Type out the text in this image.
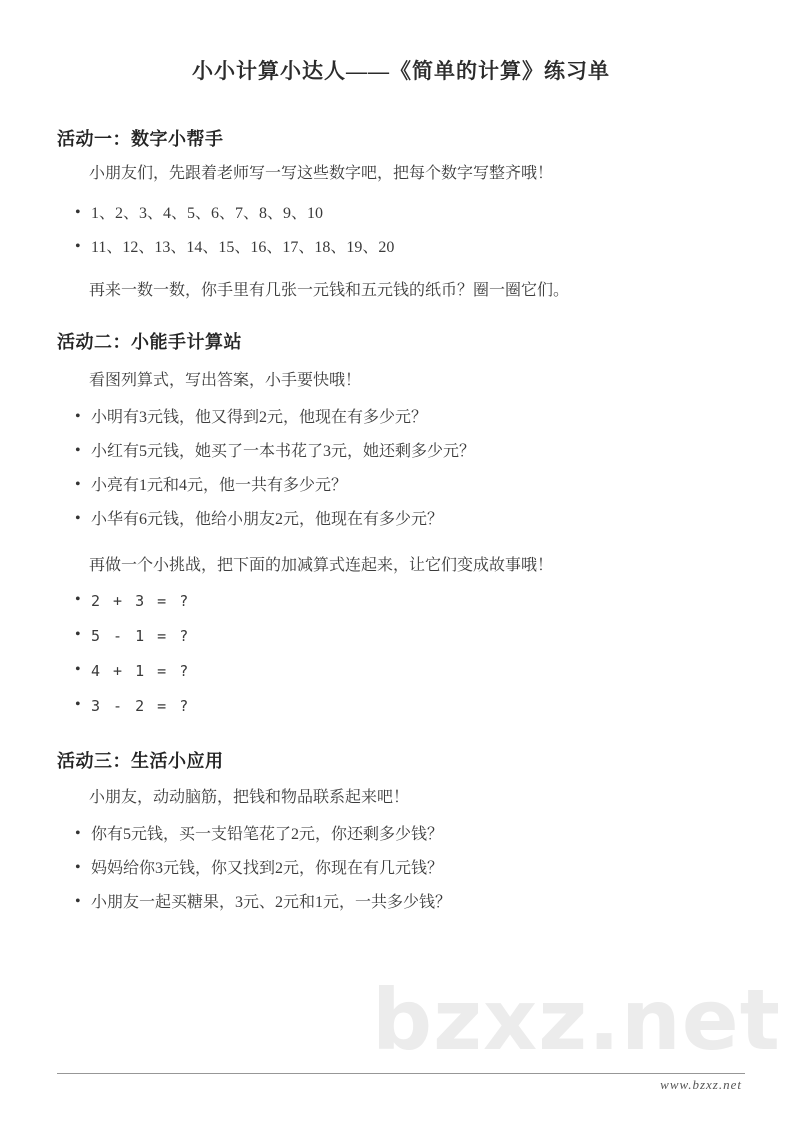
小小计算小达人——《简单的计算》练习单
活动一：数字小帮手

小朋友们，先跟着老师写一写这些数字吧，把每个数字写整齐哦！

• 1、2、3、4、5、6、7、8、9、10
• 11、12、13、14、15、16、17、18、19、20

再来一数一数，你手里有几张一元钱和五元钱的纸币？圈一圈它们。

活动二：小能手计算站

看图列算式，写出答案，小手要快哦！

• 小明有3元钱，他又得到2元，他现在有多少元？
• 小红有5元钱，她买了一本书花了3元，她还剩多少元？
• 小亮有1元和4元，他一共有多少元？
• 小华有6元钱，他给小朋友2元，他现在有多少元？

再做一个小挑战，把下面的加减算式连起来，让它们变成故事哦！

• 2 + 3 = ?
• 5 - 1 = ?
• 4 + 1 = ?
• 3 - 2 = ?
活动三：生活小应用

小朋友，动动脑筋，把钱和物品联系起来吧！

• 你有5元钱，买一支铅笔花了2元，你还剩多少钱？
• 妈妈给你3元钱，你又找到2元，你现在有几元钱？
• 小朋友一起买糖果，3元、2元和1元，一共多少钱？
bzxz.net
www.bzxz.net
